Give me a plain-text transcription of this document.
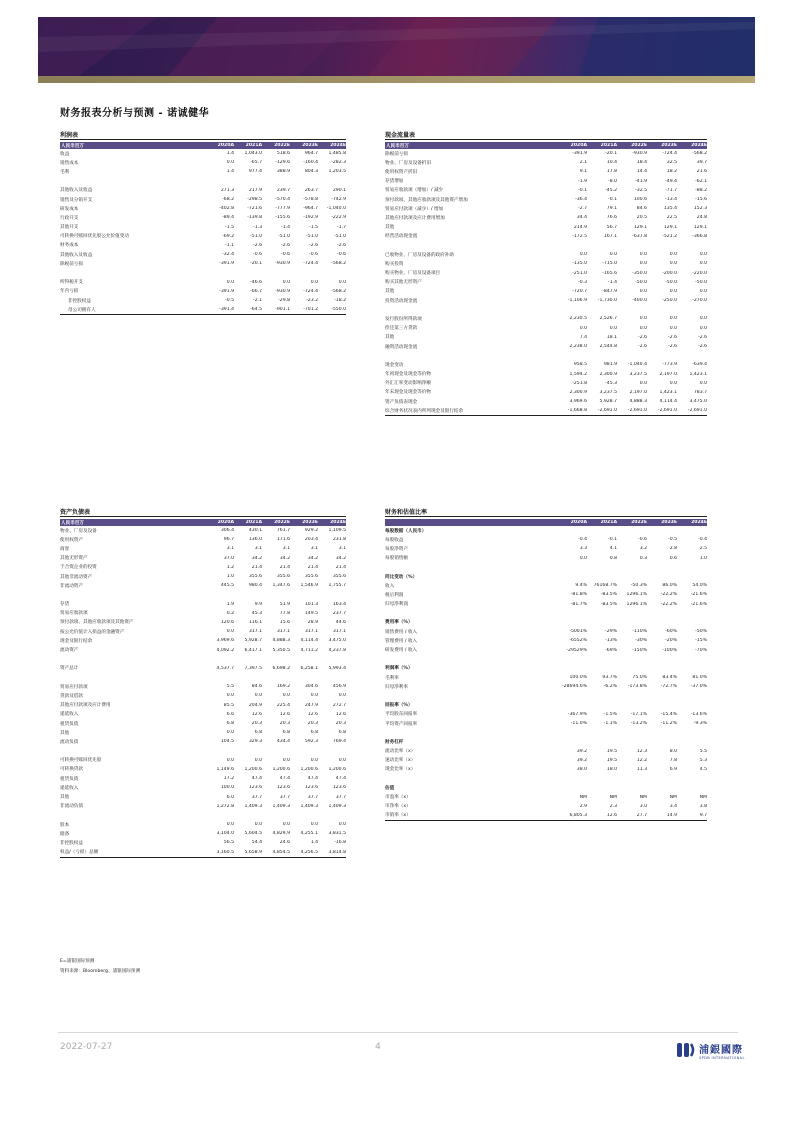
财务报表分析与预测 - 诺诚健华
利润表
人民币百万	2020A	2021A	2022E	2023E	2024E
收益	1.4	1,043.0	518.6	964.7	1,485.8
销售成本	0.0	-65.7	-129.6	-160.4	-282.3
毛利	1.4	977.4	388.9	804.3	1,203.5
其他收入及收益	271.3	217.9	239.7	263.7	290.1
销售及分销开支	-68.2	-298.5	-570.4	-578.8	-742.9
研发成本	-402.8	-721.6	-777.9	-964.7	-1,040.0
行政开支	-89.4	-139.8	-155.6	-192.9	-222.9
其他开支	-1.5	-1.3	-1.4	-1.5	-1.7
可转换可赎回优先股公允价值变动	-69.2	-51.0	-51.0	-51.0	-51.0
财务成本	-1.1	-2.6	-2.6	-2.6	-2.6
其他收入及收益	-32.4	-0.6	-0.6	-0.6	-0.6
除税前亏损	-391.9	-20.1	-930.9	-724.4	-568.2
所得税开支	0.0	-46.6	0.0	0.0	0.0
年内亏损	-391.9	-66.7	-930.9	-724.4	-568.2
非控股权益	-0.5	-2.1	-29.8	-23.2	-18.2
母公司拥有人	-391.4	-64.5	-901.1	-701.2	-550.0
现金流量表
人民币百万	2020A	2021A	2022E	2023E	2024E
除税前亏损	-391.9	-20.1	-930.9	-724.4	-568.2
物业、厂房及设备折旧	2.1	10.4	18.4	32.5	39.7
使用权资产折旧	9.1	17.8	14.4	18.2	21.6
存货增加	-1.9	-8.0	-41.9	-49.4	-62.1
贸易应收款项（增加）/ 减少	-0.1	-45.2	-32.5	-71.7	-88.2
预付款项、其他应收款项及其他资产增加	-36.4	-0.1	100.6	-13.4	-15.6
贸易应付款项（减少）/ 增加	-2.7	79.1	84.6	135.4	152.3
其他应付款项及应计费用增加	34.4	76.6	20.5	22.5	24.8
其他	214.9	56.7	129.1	129.1	129.1
经营活动现金流	-172.5	167.1	-637.8	-521.2	-366.8
已收物业、厂房及设备的政府补助	0.0	0.0	0.0	0.0	0.0
购买投资	-135.0	-715.0	0.0	0.0	0.0
购买物业、厂房及设备项目	-251.0	-165.6	-350.0	-200.0	-220.0
购买其他无形资产	-0.3	-1.4	-50.0	-50.0	-50.0
其他	-720.7	-847.9	0.0	0.0	0.0
投资活动现金流	-1,106.9	-1,730.0	-400.0	-250.0	-270.0
发行股份所得款项	2,230.5	2,526.7	0.0	0.0	0.0
偿还第三方贷款	0.0	0.0	0.0	0.0	0.0
其他	7.4	18.1	-2.6	-2.6	-2.6
融资活动现金流	2,238.0	2,544.8	-2.6	-2.6	-2.6
现金变动	958.5	981.9	-1,040.4	-773.9	-639.4
年初现金及现金等价物	1,594.2	2,300.9	3,237.5	2,197.0	1,423.1
外汇汇率变动影响净额	-251.8	-45.3	0.0	0.0	0.0
年末现金及现金等价物	2,300.9	3,237.5	2,197.0	1,423.1	783.7
资产负债表现金	3,969.6	5,928.7	4,888.3	4,114.4	3,475.0
综合财务状况表内所列现金及银行结余	-1,668.8	-2,691.0	-2,691.0	-2,691.0	-2,691.0
资产负债表
人民币百万	2020A	2021A	2022E	2023E	2024E
物业、厂房及设备	306.4	430.1	761.7	929.2	1,109.5
使用权资产	96.7	136.0	171.6	203.4	231.8
商誉	3.1	3.1	3.1	3.1	3.1
其他无形资产	37.0	34.2	34.2	34.2	34.2
于合资企业的投资	1.2	21.4	21.4	21.4	21.4
其他非流动资产	1.0	355.6	355.6	355.6	355.6
非流动资产	445.5	980.4	1,347.6	1,546.9	1,755.7
存货	1.9	9.9	51.9	101.3	163.4
贸易应收款项	0.2	45.3	77.8	149.5	237.7
预付款项、其他应收款项及其他资产	120.6	116.1	15.6	28.9	44.6
按公允价值计入损益的金融资产	0.0	317.1	317.1	317.1	317.1
现金及银行结余	3,969.6	5,928.7	4,888.3	4,114.4	3,475.0
流动资产	4,092.2	6,417.1	5,350.5	4,711.2	4,237.8
资产总计	4,537.7	7,397.5	6,698.2	6,258.1	5,993.4
贸易应付款项	5.5	84.6	169.2	304.6	456.9
贷款及借款	0.0	0.0	0.0	0.0	0.0
其他应付款项及应计费用	85.5	204.9	225.4	247.9	272.7
递延收入	6.6	12.6	12.6	12.6	12.6
租赁负债	6.8	20.3	20.3	20.3	20.3
其他	0.0	6.8	6.8	6.8	6.8
流动负债	104.5	329.3	434.4	592.3	769.4
可转换可赎回优先股	0.0	0.0	0.0	0.0	0.0
可转换贷款	1,149.6	1,200.6	1,200.6	1,200.6	1,200.6
租赁负债	17.2	47.4	47.4	47.4	47.4
递延收入	100.0	123.6	123.6	123.6	123.6
其他	6.0	37.7	37.7	37.7	37.7
非流动负债	1,272.8	1,409.3	1,409.3	1,409.3	1,409.3
股本	0.0	0.0	0.0	0.0	0.0
储备	3,104.0	5,604.5	4,829.9	4,255.1	3,831.5
非控股权益	56.5	54.4	24.6	1.4	-16.8
权益/（亏损）总额	3,160.5	5,658.9	4,854.5	4,256.5	3,814.8
财务和估值比率
2020A	2021A	2022E	2023E	2024E
每股数据（人民币）
每股收益	-0.4	-0.1	-0.6	-0.5	-0.4
每股净资产	3.3	4.1	3.2	2.8	2.5
每股销售额	0.0	0.8	0.3	0.6	1.0
同比变动（%）
收入	9.4%	76168.7%	-50.3%	86.0%	54.0%
税后利润	-81.8%	-83.5%	1296.1%	-22.2%	-21.6%
归母净利润	-81.7%	-83.5%	1296.1%	-22.2%	-21.6%
费用率（%）
销售费用 / 收入	-5001%	-29%	-110%	-60%	-50%
管理费用 / 收入	-6552%	-13%	-30%	-20%	-15%
研发费用 / 收入	-29529%	-69%	-150%	-100%	-70%
利润率（%）
毛利率	100.0%	93.7%	75.0%	83.4%	81.0%
归母净利率	-28694.6%	-6.2%	-173.8%	-72.7%	-37.0%
回报率（%）
平均股东回报率	-367.9%	-1.5%	-17.1%	-15.4%	-13.6%
平均资产回报率	-11.0%	-1.1%	-13.2%	-11.2%	-9.3%
财务杠杆
流动比率（x）	39.2	19.5	12.3	8.0	5.5
速动比率（x）	39.2	19.5	12.2	7.8	5.3
现金比率（x）	38.0	18.0	11.3	6.9	4.5
估值
市盈率（x）	NM	NM	NM	NM	NM
市净率（x）	2.9	2.3	3.0	3.4	3.8
市销率（x）	6,805.3	12.6	27.7	14.9	9.7
E=浦银国际预测
资料来源：Bloomberg、浦银国际预测
2022-07-27	4	浦銀國際
SPDB INTERNATIONAL
